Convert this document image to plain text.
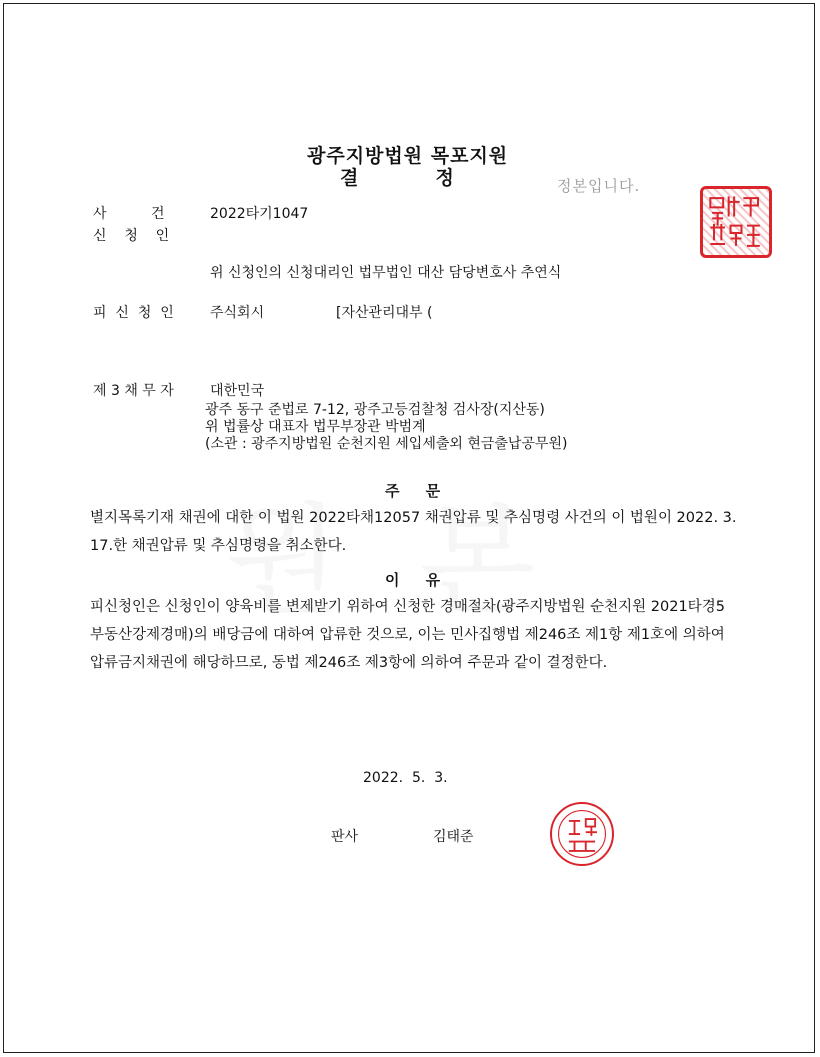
광주지방법원 목포지원
결          정	정본입니다.
사          건	2022타기1047
신    청    인
위 신청인의 신청대리인 법무법인 대산 담당변호사 추연식
피  신  청  인	주식회시	[자산관리대부 (
제 3 채 무 자	대한민국
광주 동구 준법로 7-12, 광주고등검찰청 검사장(지산동)
위 법률상 대표자 법무부장관 박범계
(소관 : 광주지방법원 순천지원 세입세출외 현금출납공무원)
주     문
별지목록기재 채권에 대한 이 법원 2022타채12057 채권압류 및 추심명령 사건의 이 법원이 2022. 3. 17.한 채권압류 및 추심명령을 취소한다.
이     유
피신청인은 신청인이 양육비를 변제받기 위하여 신청한 경매절차(광주지방법원 순천지원 2021타경5        부동산강제경매)의 배당금에 대하여 압류한 것으로, 이는 민사집행법 제246조 제1항 제1호에 의하여 압류금지채권에 해당하므로, 동법 제246조 제3항에 의하여 주문과 같이 결정한다.
2022.  5.  3.
판사	김태준
